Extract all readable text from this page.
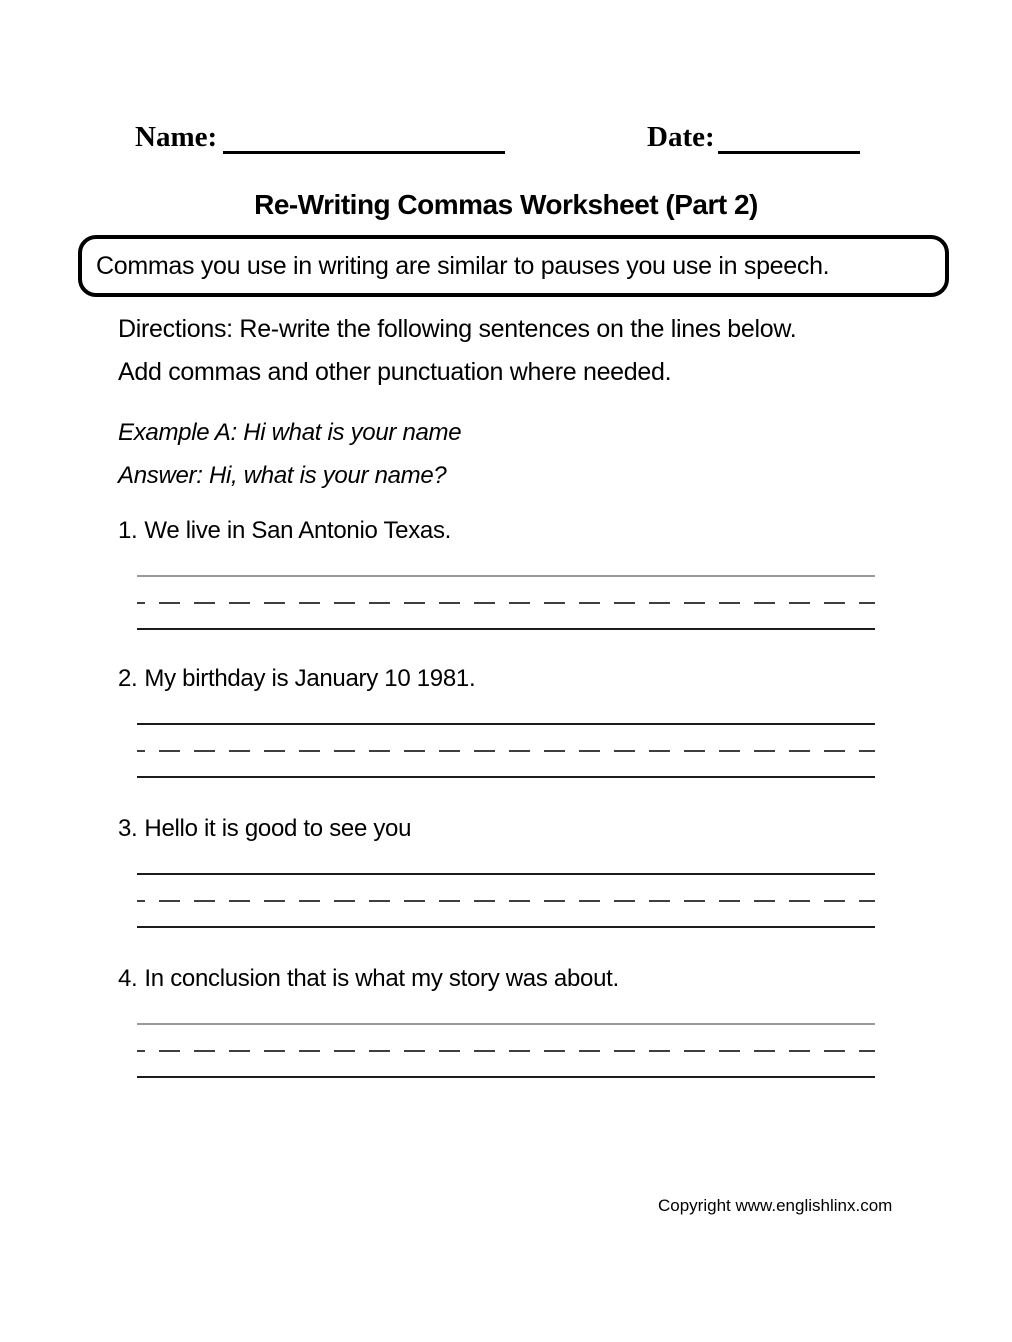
Name:	Date:
Re-Writing Commas Worksheet (Part 2)
Commas you use in writing are similar to pauses you use in speech.
Directions: Re-write the following sentences on the lines below.
Add commas and other punctuation where needed.
Example A: Hi what is your name
Answer: Hi, what is your name?
1. We live in San Antonio Texas.
2. My birthday is January 10 1981.
3. Hello it is good to see you
4. In conclusion that is what my story was about.
Copyright www.englishlinx.com
